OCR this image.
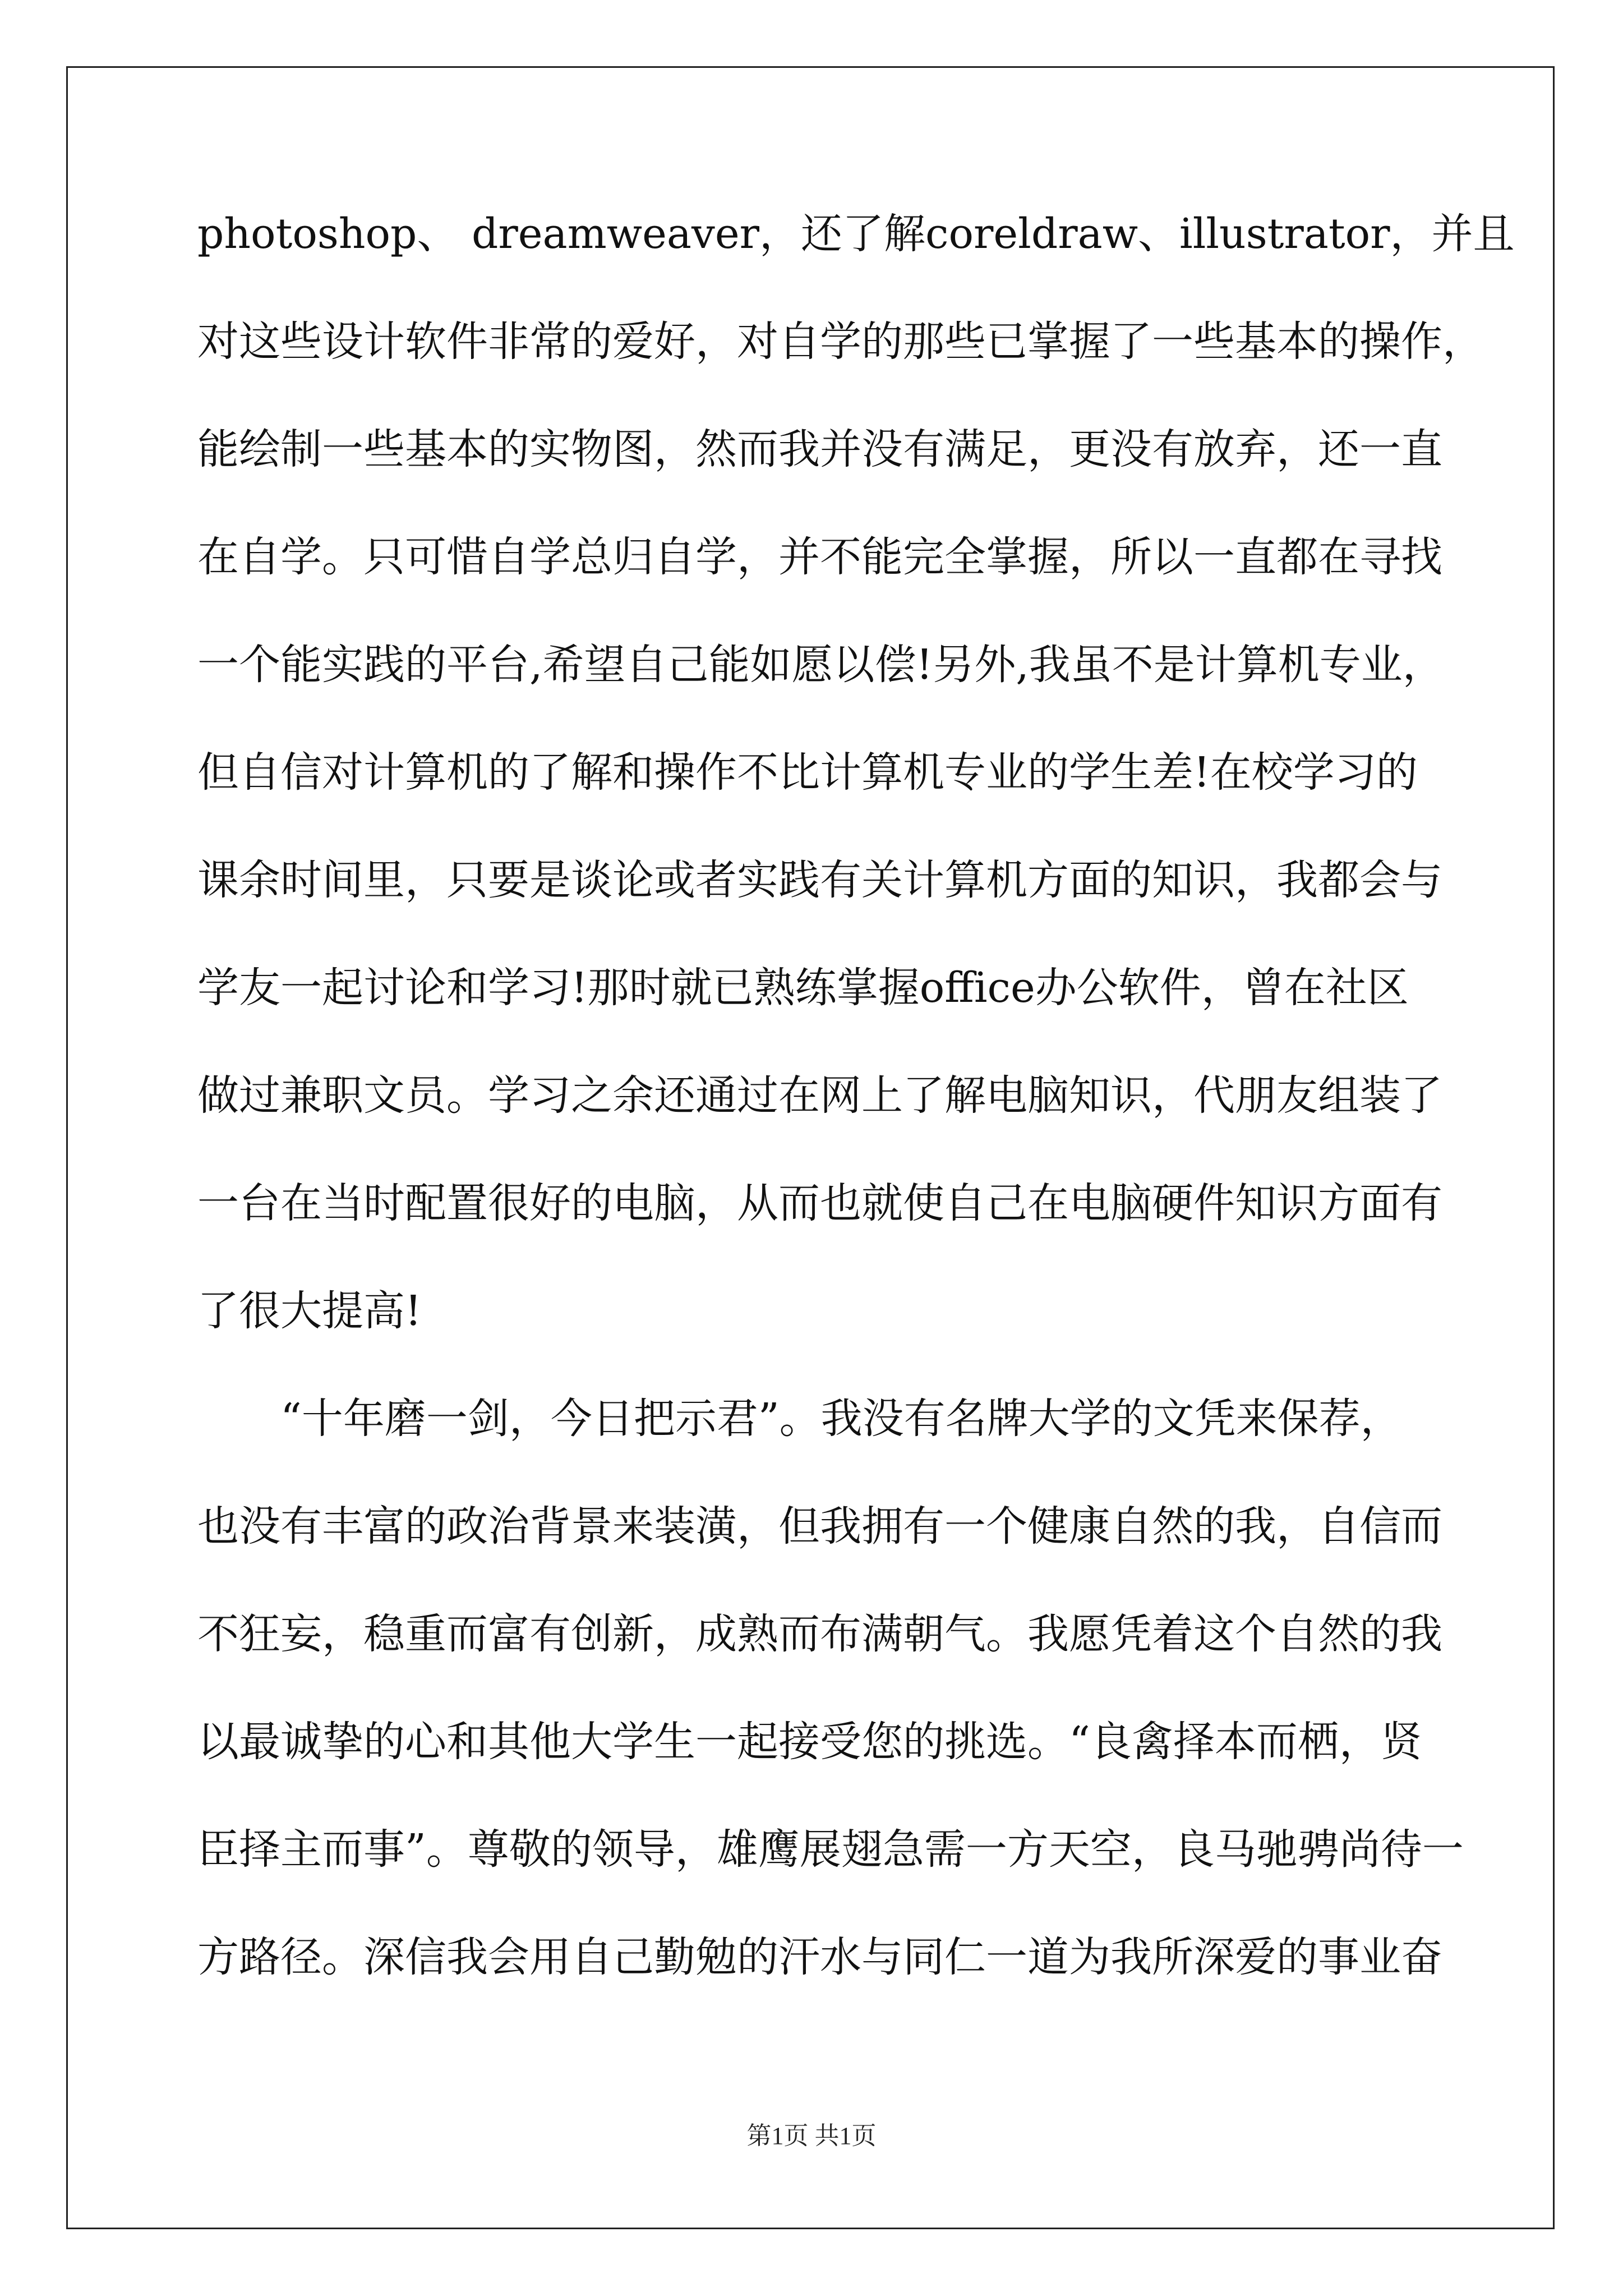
photoshop、 dreamweaver，还了解coreldraw、illustrator，并且
对这些设计软件非常的爱好，对自学的那些已掌握了一些基本的操作，
能绘制一些基本的实物图，然而我并没有满足，更没有放弃，还一直
在自学。只可惜自学总归自学，并不能完全掌握，所以一直都在寻找
一个能实践的平台,希望自己能如愿以偿!另外,我虽不是计算机专业，
但自信对计算机的了解和操作不比计算机专业的学生差!在校学习的
课余时间里，只要是谈论或者实践有关计算机方面的知识，我都会与
学友一起讨论和学习!那时就已熟练掌握office办公软件，曾在社区
做过兼职文员。学习之余还通过在网上了解电脑知识，代朋友组装了
一台在当时配置很好的电脑，从而也就使自己在电脑硬件知识方面有
了很大提高!
“十年磨一剑，今日把示君”。我没有名牌大学的文凭来保荐，
也没有丰富的政治背景来装潢，但我拥有一个健康自然的我，自信而
不狂妄，稳重而富有创新，成熟而布满朝气。我愿凭着这个自然的我
以最诚挚的心和其他大学生一起接受您的挑选。“良禽择本而栖，贤
臣择主而事”。尊敬的领导，雄鹰展翅急需一方天空，良马驰骋尚待一
方路径。深信我会用自己勤勉的汗水与同仁一道为我所深爱的事业奋
第1页 共1页
